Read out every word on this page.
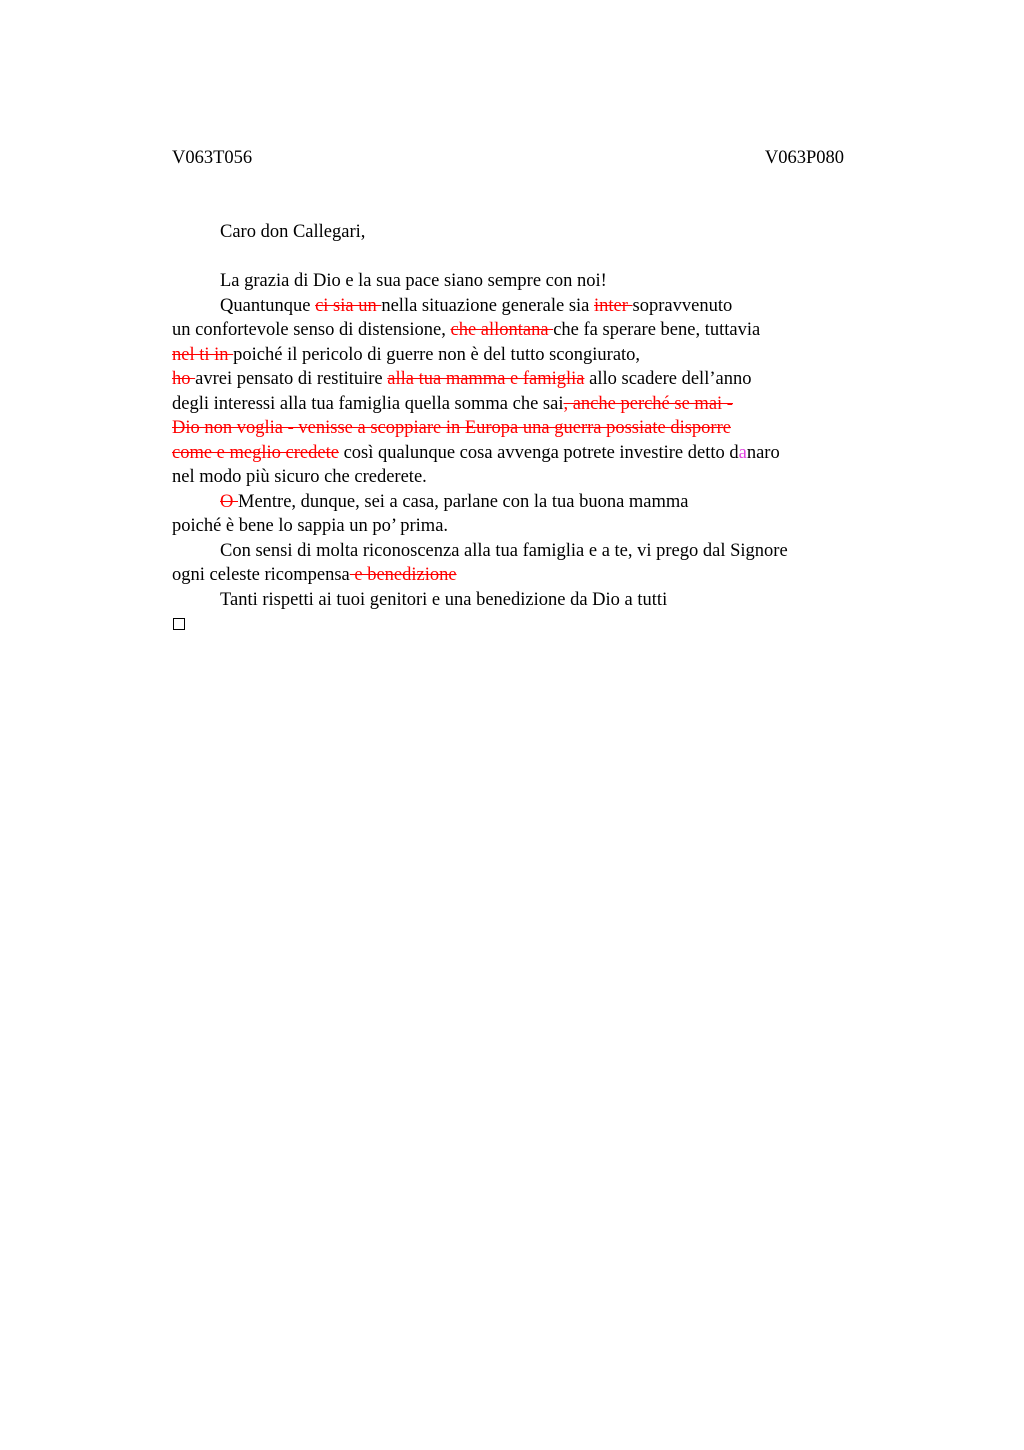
V063T056	V063P080
Caro don Callegari,
La grazia di Dio e la sua pace siano sempre con noi!
Quantunque ci sia un nella situazione generale sia inter sopravvenuto
un confortevole senso di distensione, che allontana che fa sperare bene, tuttavia
nel ti in poiché il pericolo di guerre non è del tutto scongiurato,
ho avrei pensato di restituire alla tua mamma e famiglia allo scadere dell’anno
degli interessi alla tua famiglia quella somma che sai, anche perché se mai -
Dio non voglia - venisse a scoppiare in Europa una guerra possiate disporre
come e meglio credete così qualunque cosa avvenga potrete investire detto danaro
nel modo più sicuro che crederete.
O Mentre, dunque, sei a casa, parlane con la tua buona mamma
poiché è bene lo sappia un po’ prima.
Con sensi di molta riconoscenza alla tua famiglia e a te, vi prego dal Signore
ogni celeste ricompensa e benedizione
Tanti rispetti ai tuoi genitori e una benedizione da Dio a tutti
